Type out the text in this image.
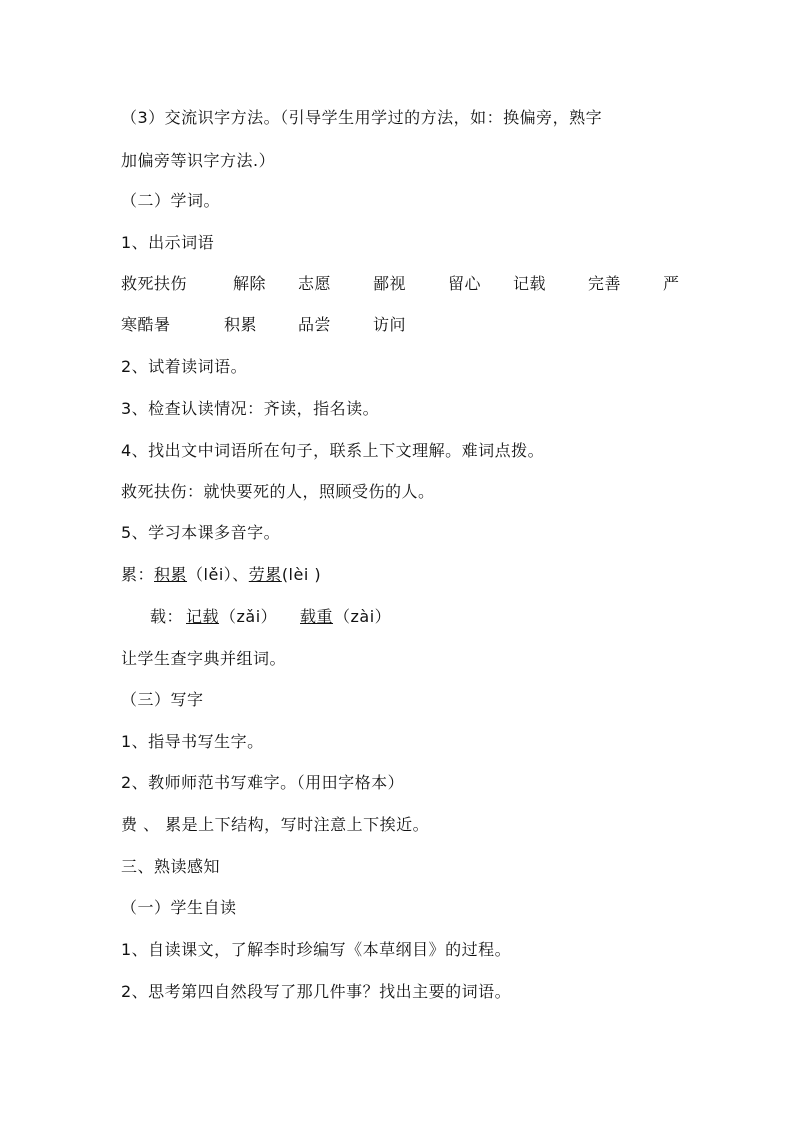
（3）交流识字方法。（引导学生用学过的方法，如：换偏旁，熟字
加偏旁等识字方法.）
（二）学词。
1、出示词语
救死扶伤	解除 志愿	鄙视	留心 记载	完善	严
寒酷暑	积累	品尝	访问
2、试着读词语。
3、检查认读情况：齐读，指名读。
4、找出文中词语所在句子，联系上下文理解。难词点拨。
救死扶伤：就快要死的人，照顾受伤的人。
5、学习本课多音字。
累：积累（lěi）、劳累(lèi )
载： 记载 （zǎi） 载重 （zài）
让学生查字典并组词。
（三）写字
1、指导书写生字。
2、教师师范书写难字。（用田字格本）
费 、 累是上下结构，写时注意上下挨近。
三、熟读感知
（一）学生自读
1、自读课文，了解李时珍编写《本草纲目》的过程。
2、思考第四自然段写了那几件事？找出主要的词语。
